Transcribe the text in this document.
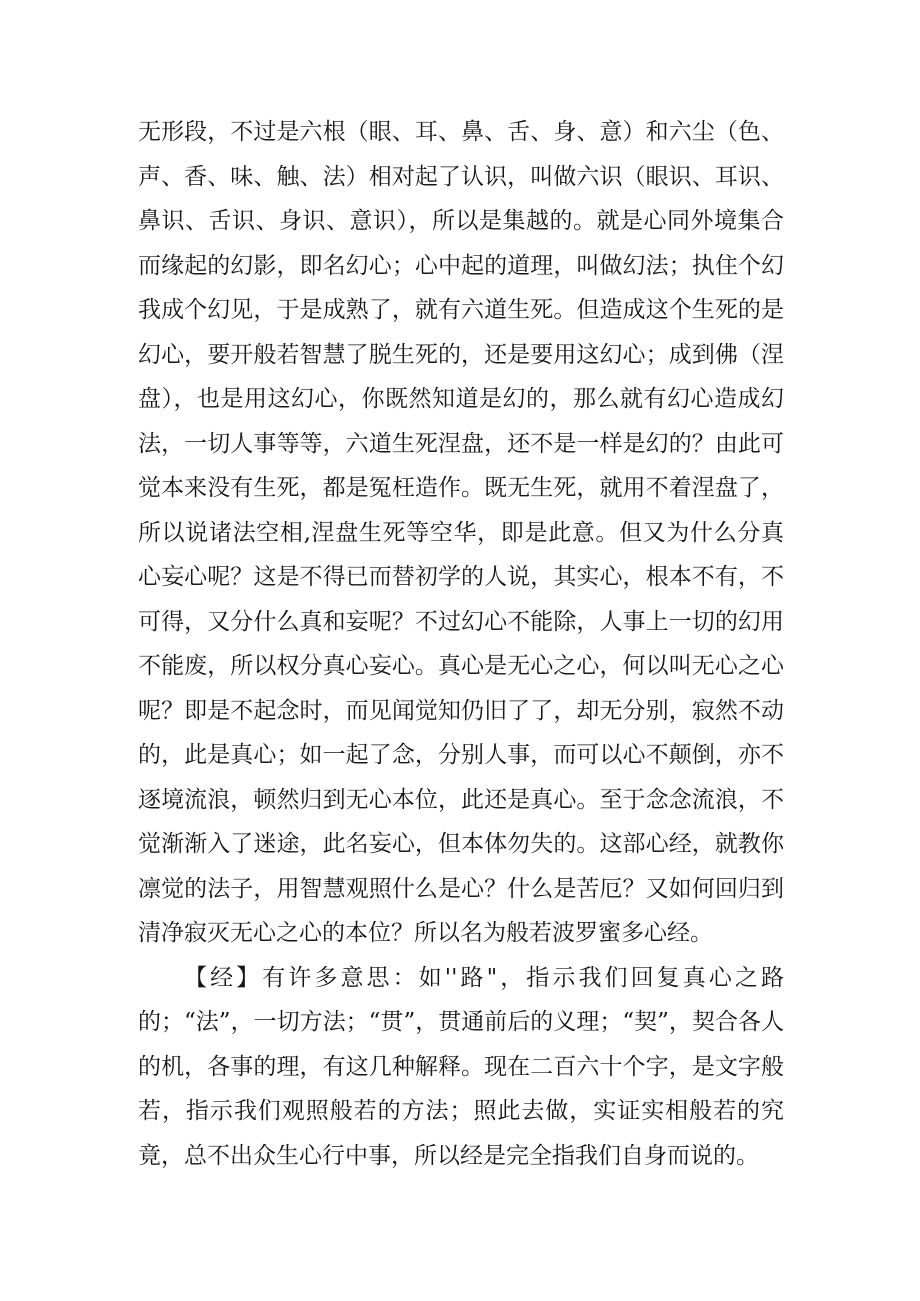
无形段，不过是六根（眼、耳、鼻、舌、身、意）和六尘（色、声、香、味、触、法）相对起了认识，叫做六识（眼识、耳识、鼻识、舌识、身识、意识），所以是集越的。就是心同外境集合而缘起的幻影，即名幻心；心中起的道理，叫做幻法；执住个幻我成个幻见，于是成熟了，就有六道生死。但造成这个生死的是幻心，要开般若智慧了脱生死的，还是要用这幻心；成到佛（涅盘），也是用这幻心，你既然知道是幻的，那么就有幻心造成幻法，一切人事等等，六道生死涅盘，还不是一样是幻的？由此可觉本来没有生死，都是冤枉造作。既无生死，就用不着涅盘了，所以说诸法空相,涅盘生死等空华，即是此意。但又为什么分真心妄心呢？这是不得已而替初学的人说，其实心，根本不有，不可得，又分什么真和妄呢？不过幻心不能除，人事上一切的幻用不能废，所以权分真心妄心。真心是无心之心，何以叫无心之心呢？即是不起念时，而见闻觉知仍旧了了，却无分别，寂然不动的，此是真心；如一起了念，分别人事，而可以心不颠倒，亦不逐境流浪，顿然归到无心本位，此还是真心。至于念念流浪，不觉渐渐入了迷途，此名妄心，但本体勿失的。这部心经，就教你凛觉的法子，用智慧观照什么是心？什么是苦厄？又如何回归到清净寂灭无心之心的本位？所以名为般若波罗蜜多心经。

【经】有许多意思：如''路"，指示我们回复真心之路的；“法”，一切方法；“贯”，贯通前后的义理；“契”，契合各人的机，各事的理，有这几种解释。现在二百六十个字，是文字般若，指示我们观照般若的方法；照此去做，实证实相般若的究竟，总不出众生心行中事，所以经是完全指我们自身而说的。
